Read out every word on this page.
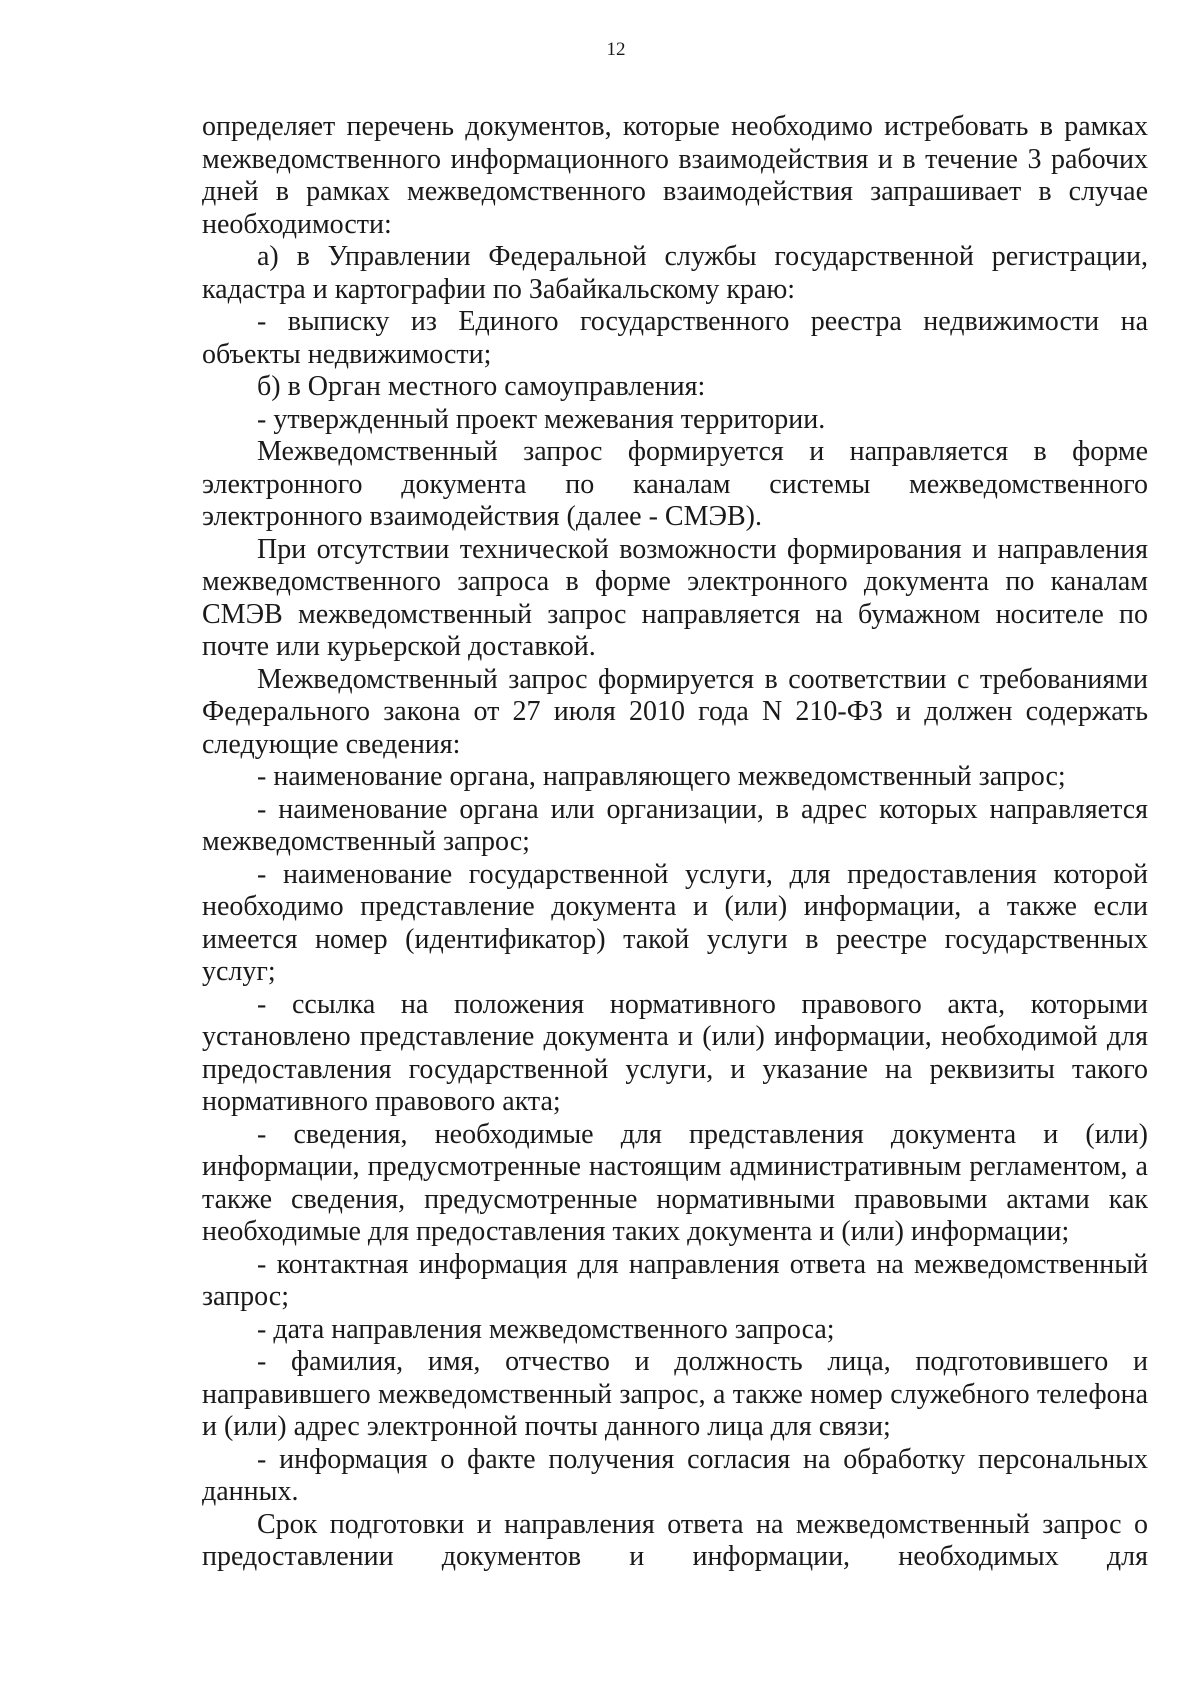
12

определяет перечень документов, которые необходимо истребовать в рамках межведомственного информационного взаимодействия и в течение 3 рабочих дней в рамках межведомственного взаимодействия запрашивает в случае необходимости:

а) в Управлении Федеральной службы государственной регистрации, кадастра и картографии по Забайкальскому краю:

- выписку из Единого государственного реестра недвижимости на объекты недвижимости;

б) в Орган местного самоуправления:

- утвержденный проект межевания территории.

Межведомственный запрос формируется и направляется в форме электронного документа по каналам системы межведомственного электронного взаимодействия (далее - СМЭВ).

При отсутствии технической возможности формирования и направления межведомственного запроса в форме электронного документа по каналам СМЭВ межведомственный запрос направляется на бумажном носителе по почте или курьерской доставкой.

Межведомственный запрос формируется в соответствии с требованиями Федерального закона от 27 июля 2010 года N 210-ФЗ и должен содержать следующие сведения:

- наименование органа, направляющего межведомственный запрос;

- наименование органа или организации, в адрес которых направляется межведомственный запрос;

- наименование государственной услуги, для предоставления которой необходимо представление документа и (или) информации, а также если имеется номер (идентификатор) такой услуги в реестре государственных услуг;

- ссылка на положения нормативного правового акта, которыми установлено представление документа и (или) информации, необходимой для предоставления государственной услуги, и указание на реквизиты такого нормативного правового акта;

- сведения, необходимые для представления документа и (или) информации, предусмотренные настоящим административным регламентом, а также сведения, предусмотренные нормативными правовыми актами как необходимые для предоставления таких документа и (или) информации;

- контактная информация для направления ответа на межведомственный запрос;

- дата направления межведомственного запроса;

- фамилия, имя, отчество и должность лица, подготовившего и направившего межведомственный запрос, а также номер служебного телефона и (или) адрес электронной почты данного лица для связи;

- информация о факте получения согласия на обработку персональных данных.

Срок подготовки и направления ответа на межведомственный запрос о предоставлении документов и информации, необходимых для
